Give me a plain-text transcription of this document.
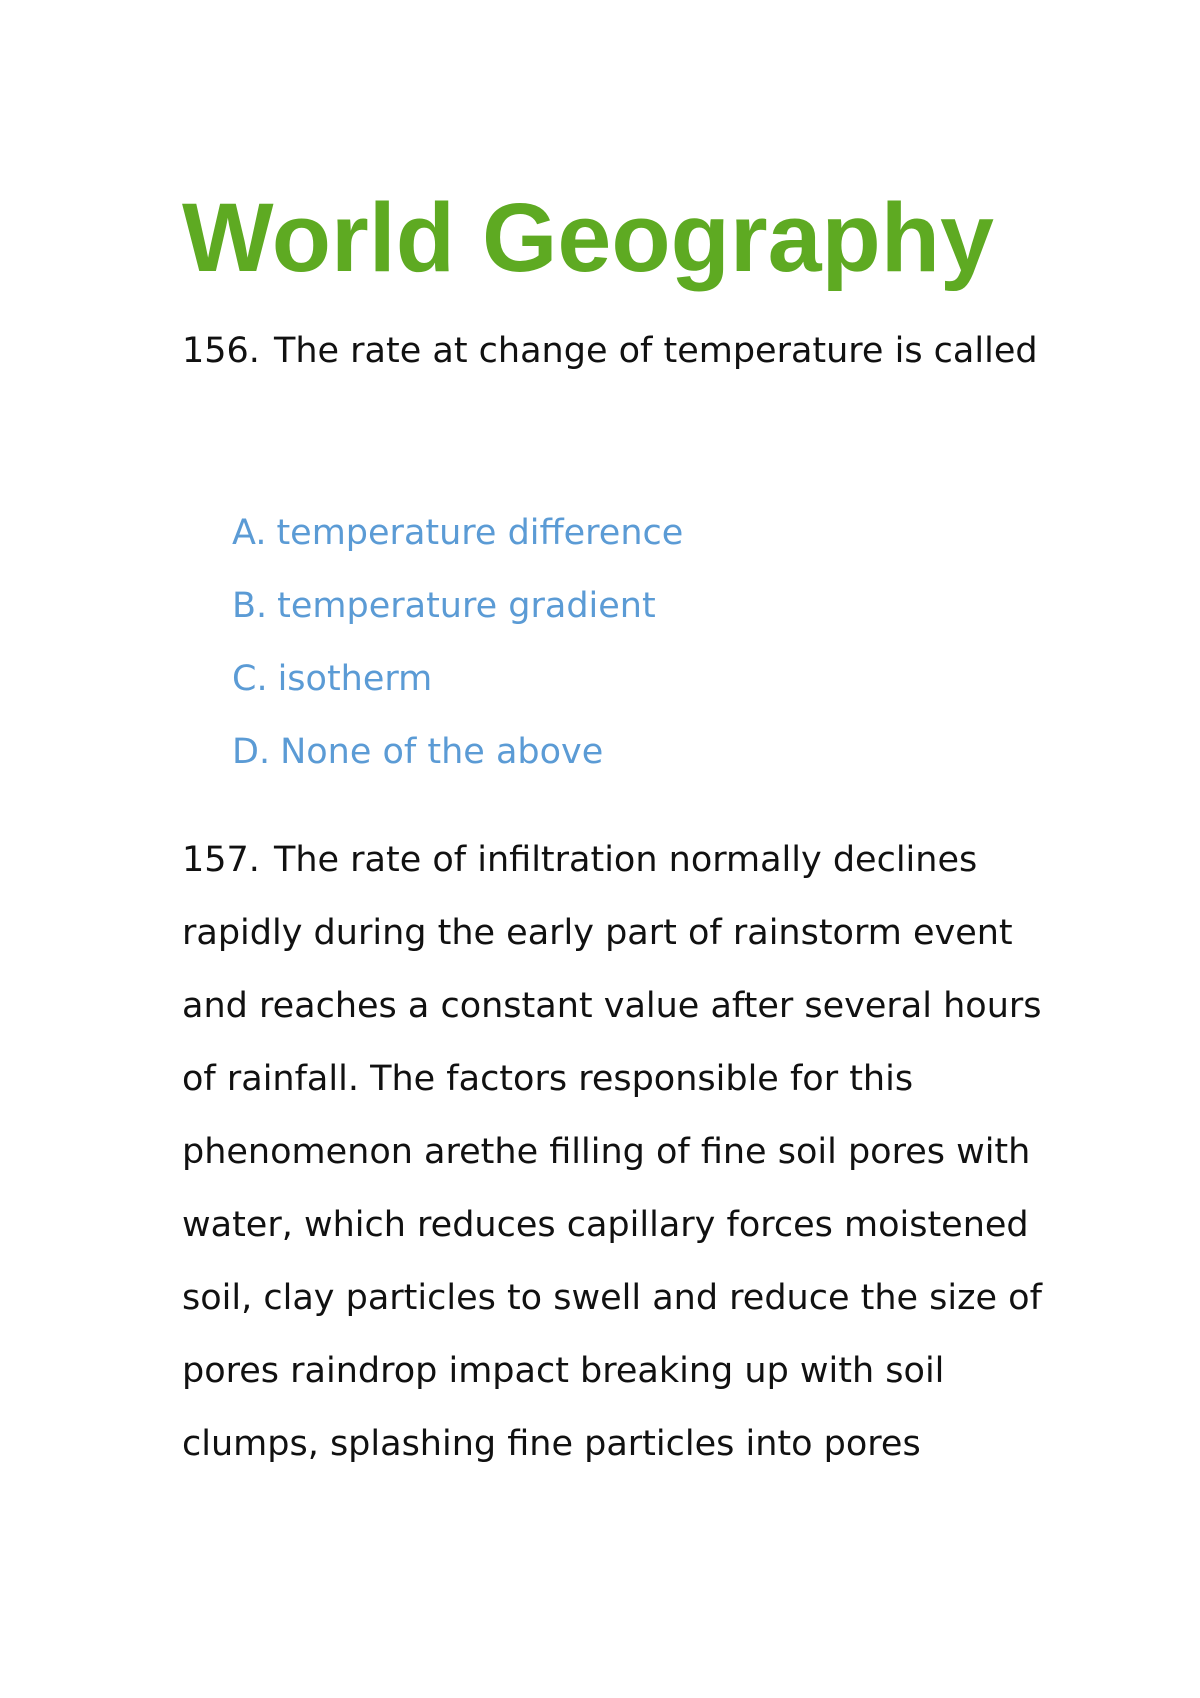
World Geography

156. The rate at change of temperature is called

A. temperature difference
B. temperature gradient
C. isotherm
D. None of the above

157. The rate of infiltration normally declines rapidly during the early part of rainstorm event and reaches a constant value after several hours of rainfall. The factors responsible for this phenomenon arethe filling of fine soil pores with water, which reduces capillary forces moistened soil, clay particles to swell and reduce the size of pores raindrop impact breaking up with soil clumps, splashing fine particles into pores
